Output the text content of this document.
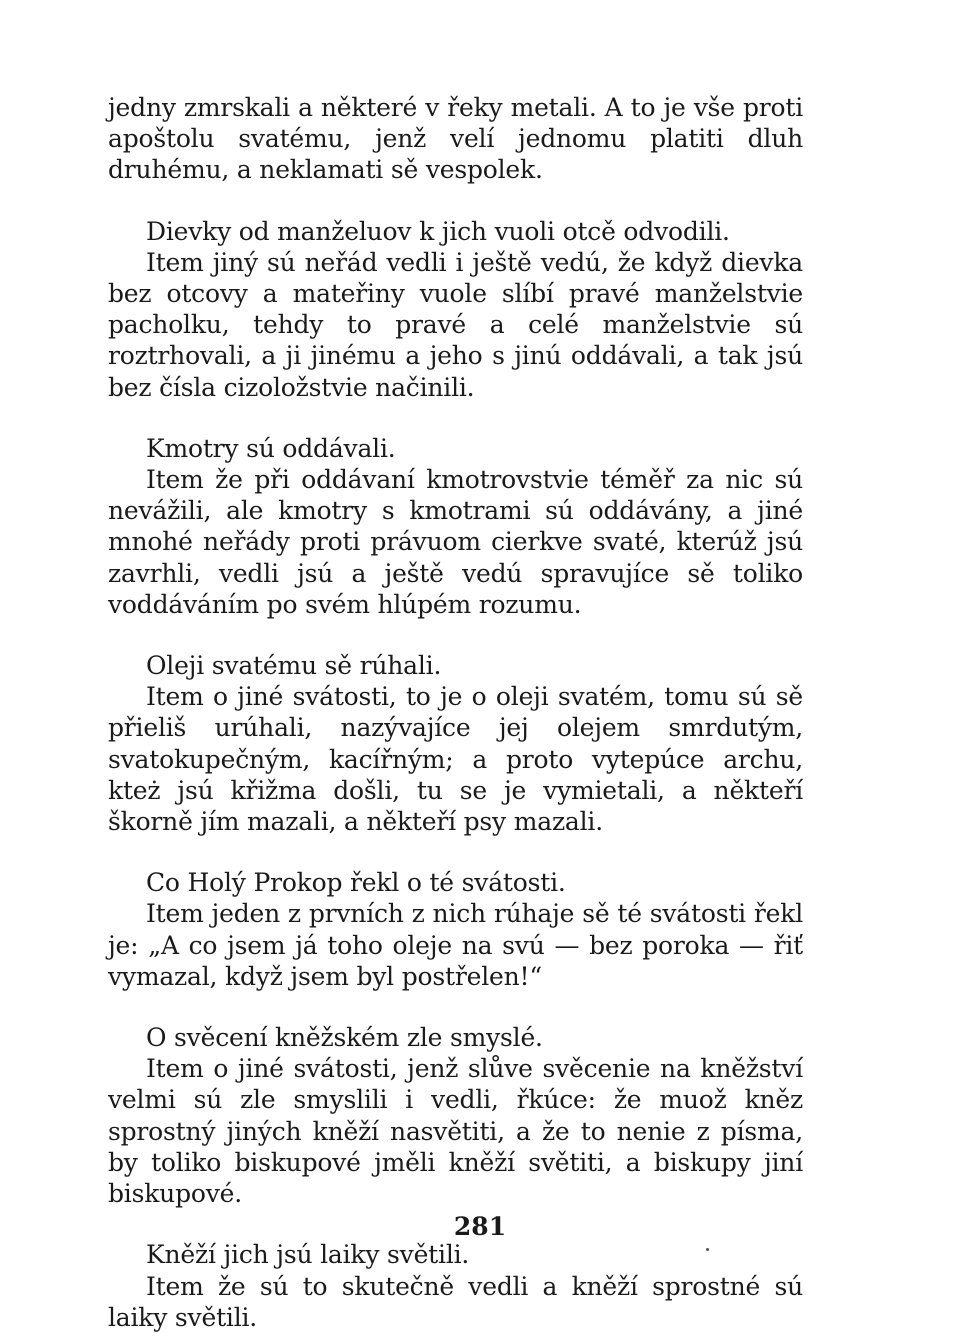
jedny zmrskali a některé v řeky metali. A to je vše proti apoštolu svatému, jenž velí jednomu platiti dluh druhému, a neklamati sě vespolek.

Dievky od manželuov k jich vuoli otcě odvodili.

Item jiný sú neřád vedli i ještě vedú, že když dievka bez otcovy a mateřiny vuole slíbí pravé manželstvie pacholku, tehdy to pravé a celé manželstvie sú roztrhovali, a ji jinému a jeho s jinú oddávali, a tak jsú bez čísla cizoložstvie načinili.

Kmotry sú oddávali.

Item že při oddávaní kmotrovstvie téměř za nic sú nevážili, ale kmotry s kmotrami sú oddávány, a jiné mnohé neřády proti právuom cierkve svaté, kterúž jsú zavrhli, vedli jsú a ještě vedú spravujíce sě toliko voddáváním po svém hlúpém rozumu.

Oleji svatému sě rúhali.

Item o jiné svátosti, to je o oleji svatém, tomu sú sě přieliš urúhali, nazývajíce jej olejem smrdutým, svatokupečným, kacířným; a proto vytepúce archu, kteż jsú křižma došli, tu se je vymietali, a někteří škorně jím mazali, a někteří psy mazali.

Co Holý Prokop řekl o té svátosti.

Item jeden z prvních z nich rúhaje sě té svátosti řekl je: „A co jsem já toho oleje na svú — bez poroka — řiť vymazal, když jsem byl postřelen!“

O svěcení kněžském zle smyslé.

Item o jiné svátosti, jenž slůve svěcenie na kněžství velmi sú zle smyslili i vedli, řkúce: že muož kněz sprostný jiných kněží nasvětiti, a že to nenie z písma, by toliko biskupové jměli kněží světiti, a biskupy jiní biskupové.

Kněží jich jsú laiky světili.

Item že sú to skutečně vedli a kněží sprostné sú laiky světili.

281
